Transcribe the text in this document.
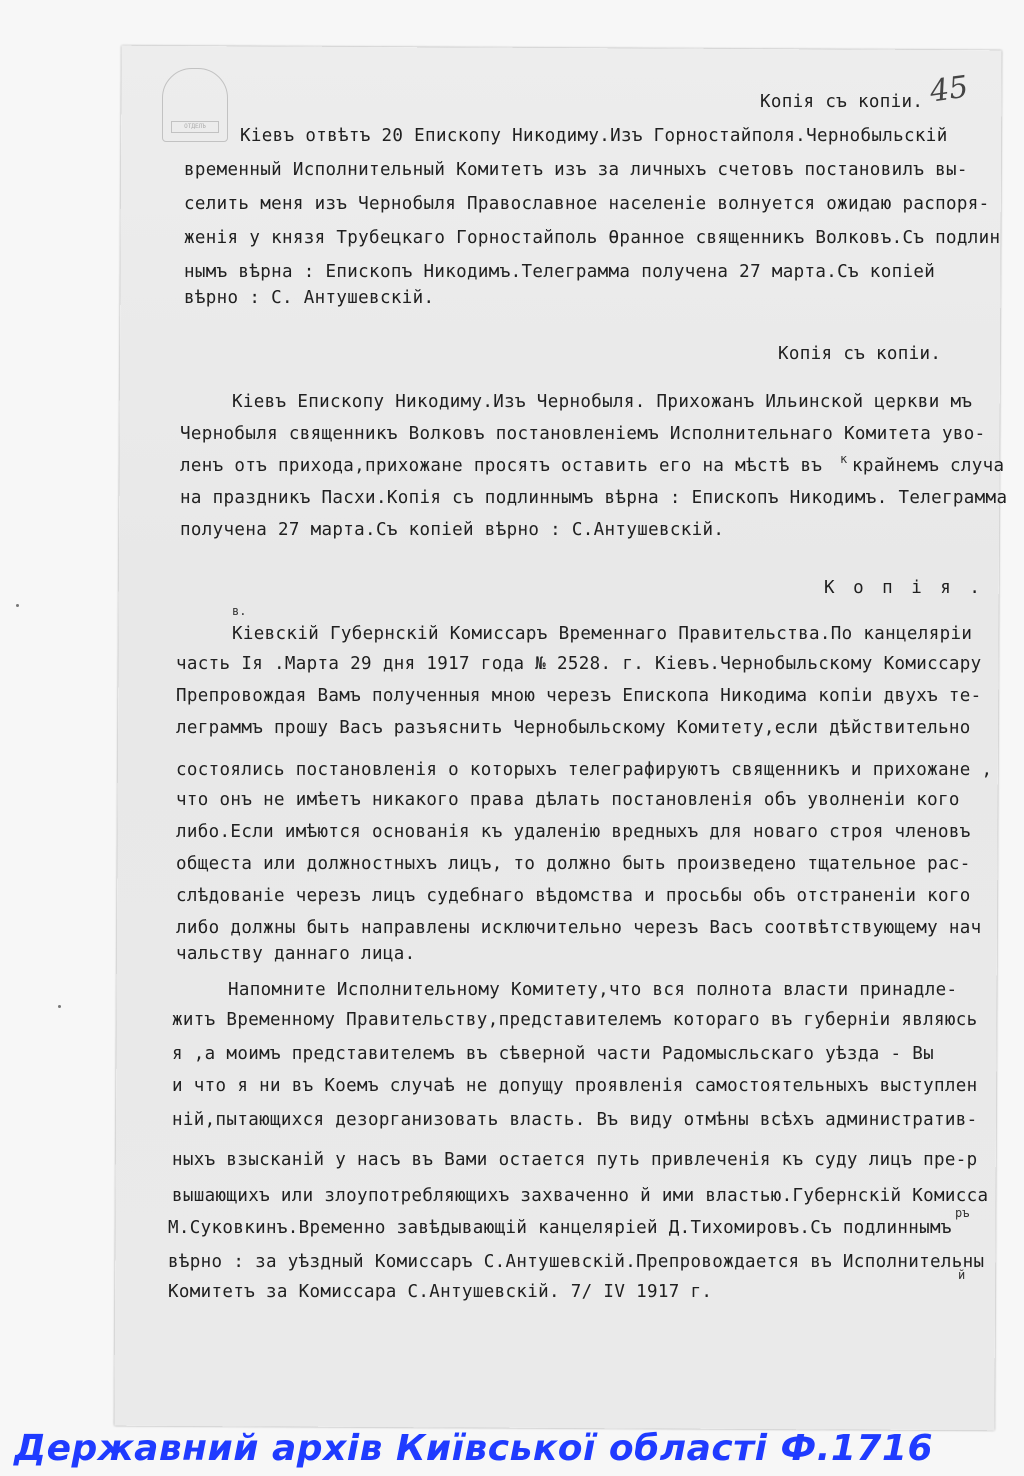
ОТДЕЛЪ
45
Копія съ копіи.
Кіевъ отвѣтъ 20 Епископу Никодиму.Изъ Горностайполя.Чернобыльскій
временный Исполнительный Комитетъ изъ за личныхъ счетовъ постановилъ вы-
селить меня изъ Чернобыля Православное населеніе волнуется ожидаю распоря-
женія у князя Трубецкаго Горностайполь Ѳранное священникъ Волковъ.Съ подлин
нымъ вѣрна : Епископъ Никодимъ.Телеграмма получена 27 марта.Съ копіей
вѣрно : С. Антушевскій.
Копія съ копіи.
Кіевъ Епископу Никодиму.Изъ Чернобыля. Прихожанъ Ильинской церкви мъ
Чернобыля священникъ Волковъ постановленіемъ Исполнительнаго Комитета уво-
ленъ отъ прихода,прихожане просятъ оставить его на мѣстѣ въ к крайнемъ случа
на праздникъ Пасхи.Копія съ подлиннымъ вѣрна : Епископъ Никодимъ. Телеграмма
получена 27 марта.Съ копіей вѣрно : С.Антушевскій.
К о п і я .
в.
Кіевскій Губернскій Комиссаръ Временнаго Правительства.По канцеляріи
часть Iя .Марта 29 дня 1917 года № 2528. г. Кіевъ.Чернобыльскому Комиссару
Препровождая Вамъ полученныя мною черезъ Епископа Никодима копіи двухъ те-
леграммъ прошу Васъ разъяснить Чернобыльскому Комитету,если дѣйствительно
состоялись постановленія о которыхъ телеграфируютъ священникъ и прихожане ,
что онъ не имѣетъ никакого права дѣлать постановленія объ уволненіи кого
либо.Если имѣются основанія къ удаленію вредныхъ для новаго строя членовъ
общеста или должностныхъ лицъ, то должно быть произведено тщательное рас-
слѣдованіе черезъ лицъ судебнаго вѣдомства и просьбы объ отстраненіи кого
либо должны быть направлены исключительно черезъ Васъ соотвѣтствующему нач
чальству даннаго лица.
Напомните Исполнительному Комитету,что вся полнота власти принадле-
житъ Временному Правительству,представителемъ котораго въ губерніи являюсь
я ,а моимъ представителемъ въ сѣверной части Радомысльскаго уѣзда - Вы
и что я ни въ Коемъ случаѣ не допущу проявленія самостоятельныхъ выступлен
ній,пытающихся дезорганизовать власть. Въ виду отмѣны всѣхъ административ-
ныхъ взысканій у насъ въ Вами остается путь привлеченія къ суду лицъ пре-р
вышающихъ или злоупотребляющихъ захваченно й ими властью.Губернскій Комисса
ръ
М.Суковкинъ.Временно завѣдывающій канцеляріей Д.Тихомировъ.Съ подлиннымъ
вѣрно : за уѣздный Комиссаръ С.Антушевскій.Препровождается въ Исполнительны
й
Комитетъ за Комиссара С.Антушевскій. 7/ IV 1917 г.
Державний архів Київської області Ф.1716
